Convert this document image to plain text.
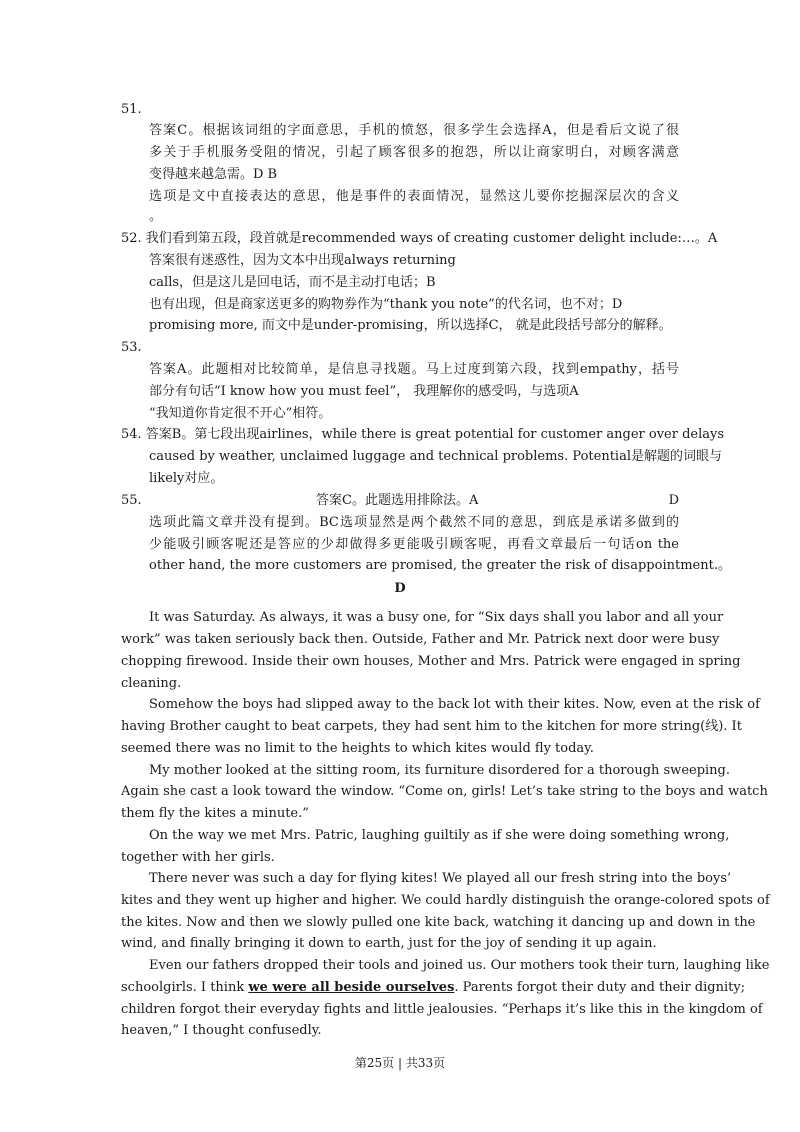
51.
答案C。根据该词组的字面意思，手机的愤怒，很多学生会选择A，但是看后文说了很
多关于手机服务受阻的情况，引起了顾客很多的抱怨，所以让商家明白，对顾客满意
变得越来越急需。D B
选项是文中直接表达的意思，他是事件的表面情况，显然这儿要你挖掘深层次的含义
。
52. 我们看到第五段，段首就是recommended ways of creating customer delight include:…。A
答案很有迷惑性，因为文本中出现always returning
calls，但是这儿是回电话，而不是主动打电话；B
也有出现，但是商家送更多的购物券作为“thank you note”的代名词，也不对；D
promising more, 而文中是under-promising，所以选择C， 就是此段括号部分的解释。
53.
答案A。此题相对比较简单，是信息寻找题。马上过度到第六段，找到empathy，括号
部分有句话“I know how you must feel”， 我理解你的感受吗，与选项A
“我知道你肯定很不开心”相符。
54. 答案B。第七段出现airlines，while there is great potential for customer anger over delays
caused by weather, unclaimed luggage and technical problems. Potential是解题的词眼与
likely对应。
55.	答案C。此题选用排除法。A	D
选项此篇文章并没有提到。BC选项显然是两个截然不同的意思，到底是承诺多做到的
少能吸引顾客呢还是答应的少却做得多更能吸引顾客呢，再看文章最后一句话on the
other hand, the more customers are promised, the greater the risk of disappointment.。
D
It was Saturday. As always, it was a busy one, for “Six days shall you labor and all your
work” was taken seriously back then. Outside, Father and Mr. Patrick next door were busy
chopping firewood. Inside their own houses, Mother and Mrs. Patrick were engaged in spring
cleaning.
Somehow the boys had slipped away to the back lot with their kites. Now, even at the risk of
having Brother caught to beat carpets, they had sent him to the kitchen for more string(线). It
seemed there was no limit to the heights to which kites would fly today.
My mother looked at the sitting room, its furniture disordered for a thorough sweeping.
Again she cast a look toward the window. “Come on, girls! Let’s take string to the boys and watch
them fly the kites a minute.”
On the way we met Mrs. Patric, laughing guiltily as if she were doing something wrong,
together with her girls.
There never was such a day for flying kites! We played all our fresh string into the boys’
kites and they went up higher and higher. We could hardly distinguish the orange-colored spots of
the kites. Now and then we slowly pulled one kite back, watching it dancing up and down in the
wind, and finally bringing it down to earth, just for the joy of sending it up again.
Even our fathers dropped their tools and joined us. Our mothers took their turn, laughing like
schoolgirls. I think we were all beside ourselves. Parents forgot their duty and their dignity;
children forgot their everyday fights and little jealousies. “Perhaps it’s like this in the kingdom of
heaven,” I thought confusedly.
第25页 | 共33页
